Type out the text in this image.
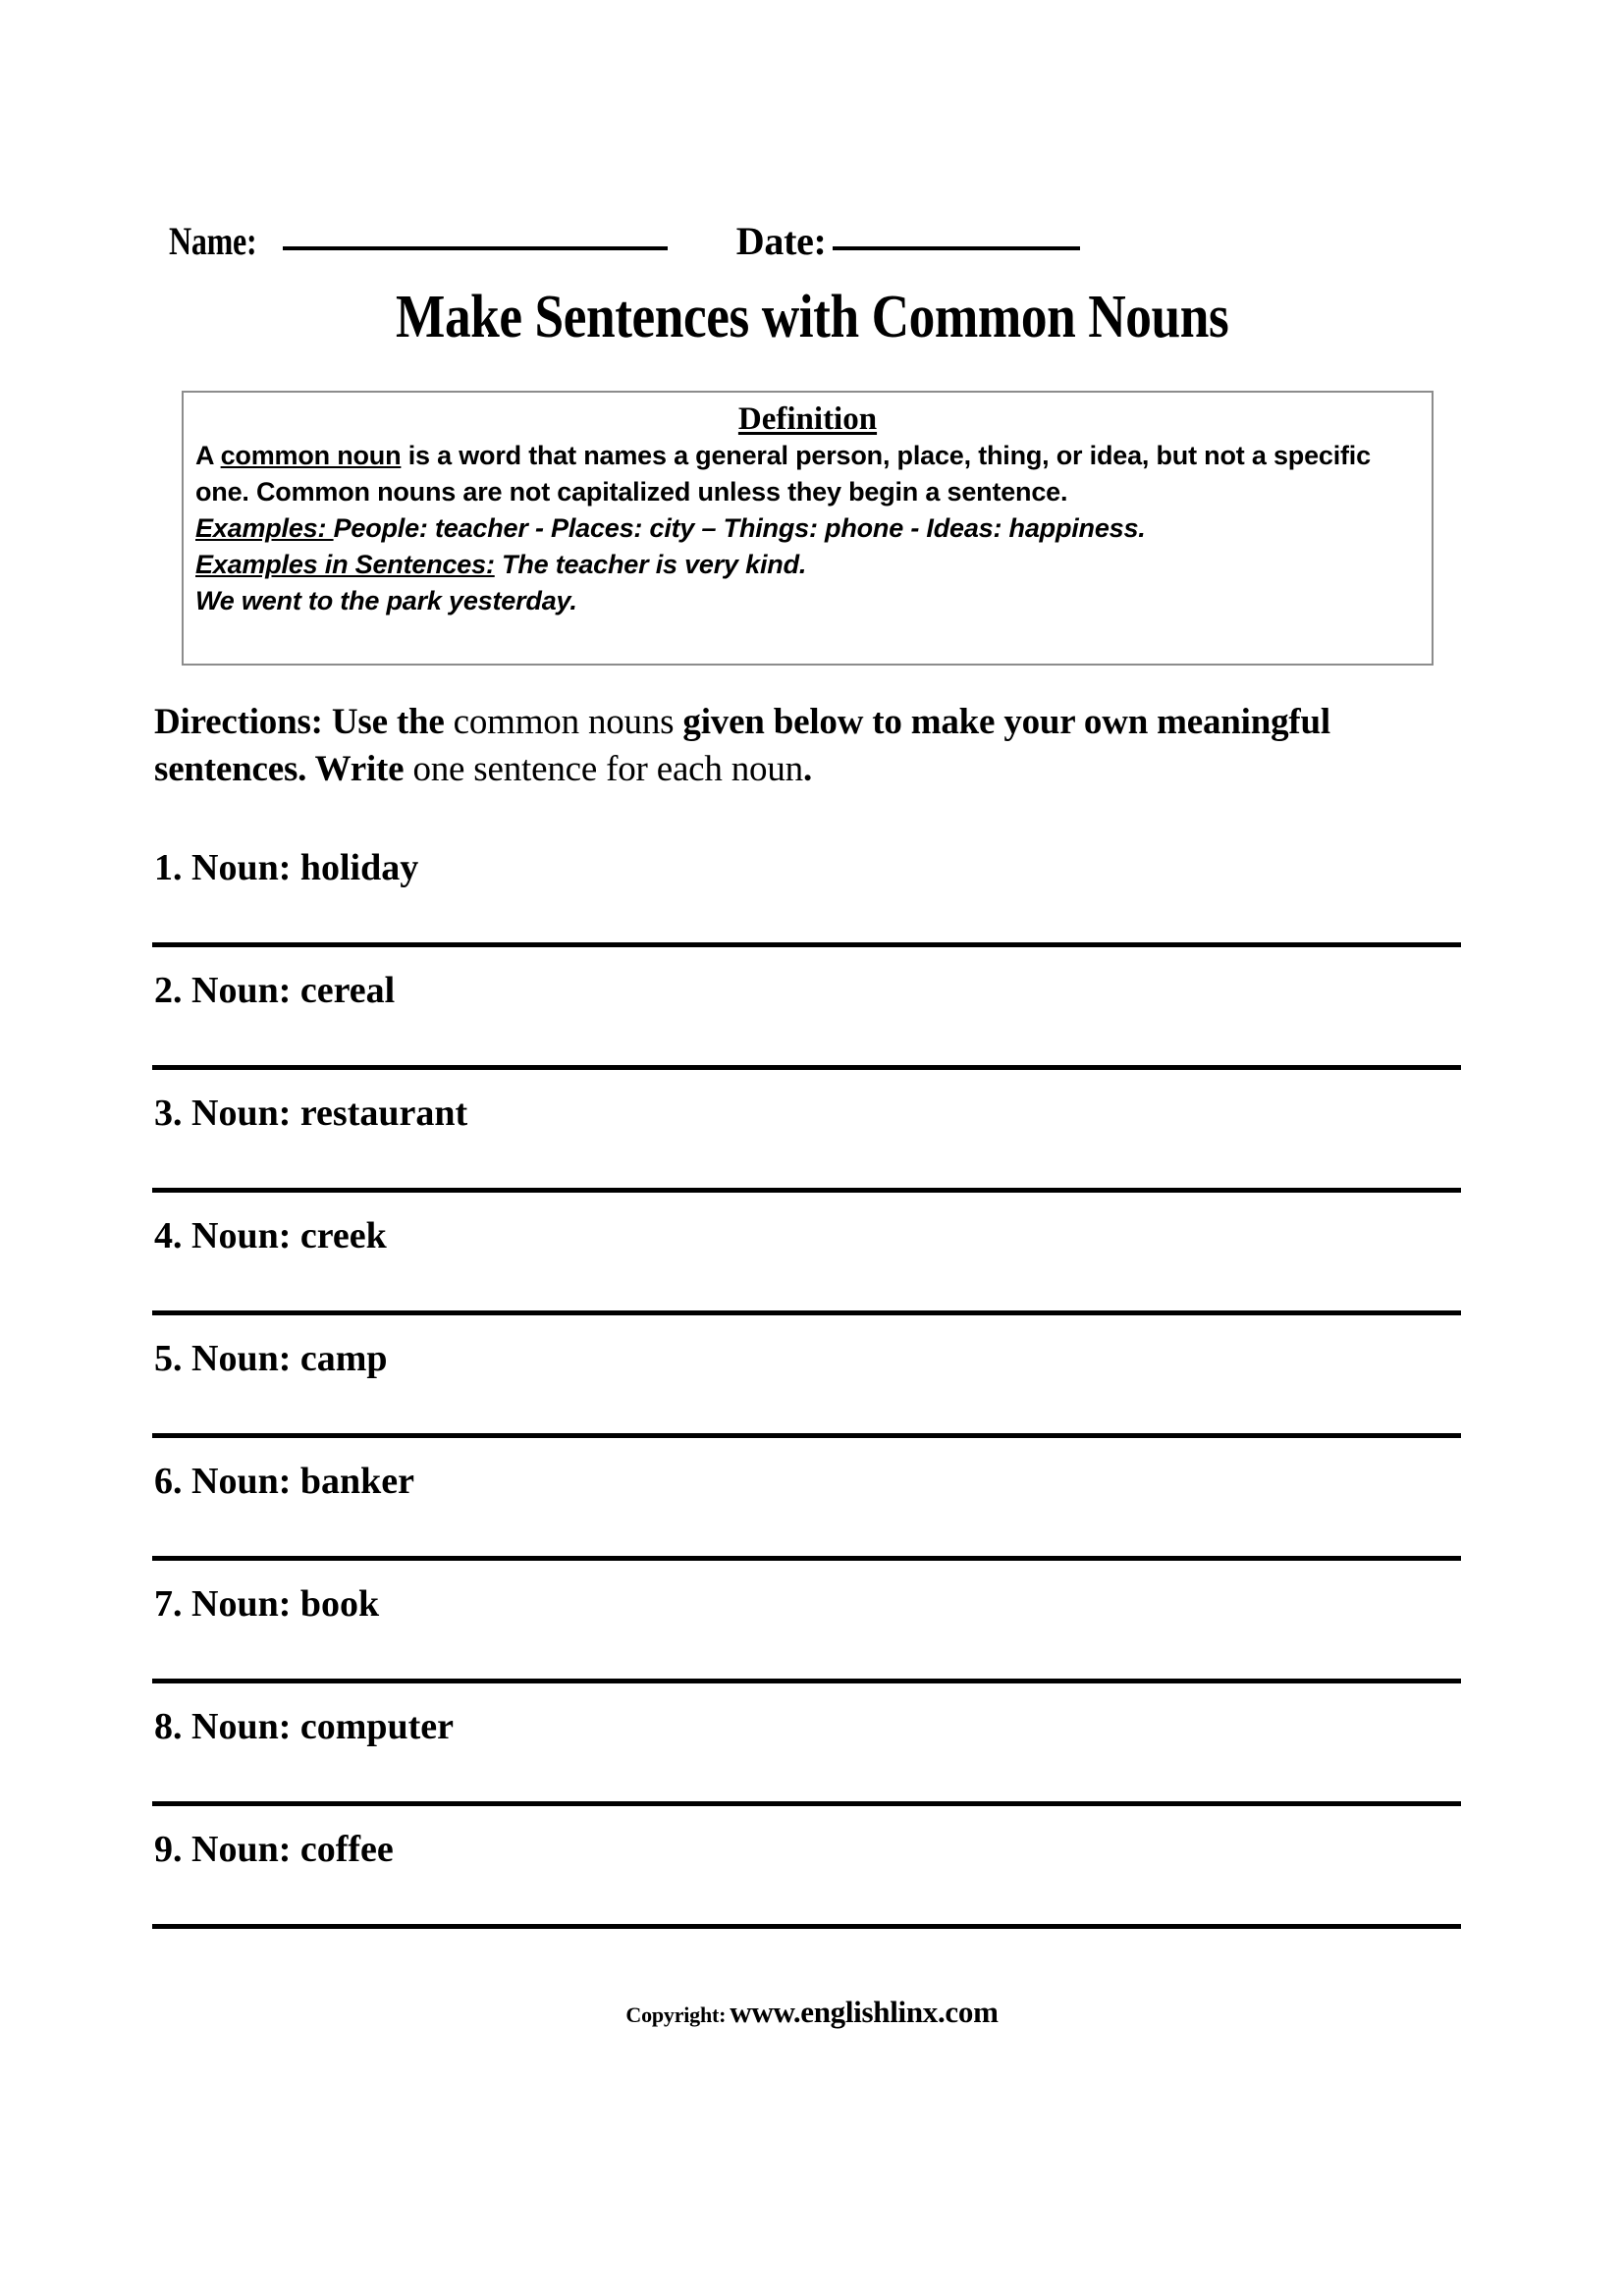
Name:	Date:
Make Sentences with Common Nouns
Definition
A common noun is a word that names a general person, place, thing, or idea, but not a specific one. Common nouns are not capitalized unless they begin a sentence.
Examples: People: teacher - Places: city – Things: phone - Ideas: happiness.
Examples in Sentences: The teacher is very kind.
We went to the park yesterday.
Directions: Use the common nouns given below to make your own meaningful sentences. Write one sentence for each noun.
1. Noun: holiday
2. Noun: cereal
3. Noun: restaurant
4. Noun: creek
5. Noun: camp
6. Noun: banker
7. Noun: book
8. Noun: computer
9. Noun: coffee
Copyright: www.englishlinx.com
